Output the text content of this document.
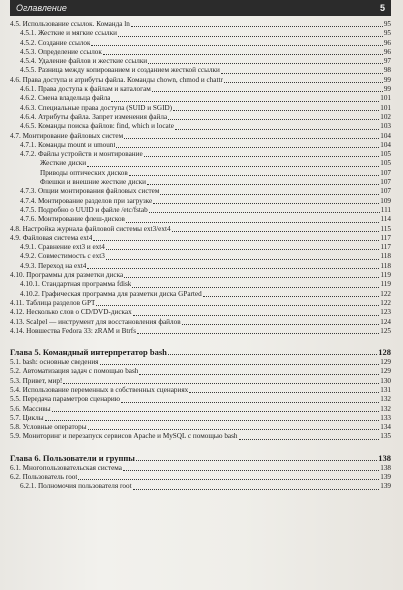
Оглавление	5
4.5. Использование ссылок. Команда ln	95
4.5.1. Жесткие и мягкие ссылки	95
4.5.2. Создание ссылок	96
4.5.3. Определение ссылок	96
4.5.4. Удаление файлов и жесткие ссылки	97
4.5.5. Разница между копированием и созданием жесткой ссылки	98
4.6. Права доступа и атрибуты файла. Команды chown, chmod и chattr	99
4.6.1. Права доступа к файлам и каталогам	99
4.6.2. Смена владельца файла	101
4.6.3. Специальные права доступа (SUID и SGID)	101
4.6.4. Атрибуты файла. Запрет изменения файла	102
4.6.5. Команды поиска файлов: find, which и locate	103
4.7. Монтирование файловых систем	104
4.7.1. Команды mount и umount	104
4.7.2. Файлы устройств и монтирование	105
Жесткие диски	105
Приводы оптических дисков	107
Флешки и внешние жесткие диски	107
4.7.3. Опции монтирования файловых систем	107
4.7.4. Монтирование разделов при загрузке	109
4.7.5. Подробно о UUID и файле /etc/fstab	111
4.7.6. Монтирование флеш-дисков	114
4.8. Настройка журнала файловой системы ext3/ext4	115
4.9. Файловая система ext4	117
4.9.1. Сравнение ext3 и ext4	117
4.9.2. Совместимость с ext3	118
4.9.3. Переход на ext4	118
4.10. Программы для разметки диска	119
4.10.1. Стандартная программа fdisk	119
4.10.2. Графическая программа для разметки диска GParted	122
4.11. Таблица разделов GPT	122
4.12. Несколько слов о CD/DVD-дисках	123
4.13. Scalpel — инструмент для восстановления файлов	124
4.14. Новшества Fedora 33: zRAM и Btrfs	125
Глава 5. Командный интерпретатор bash	128
5.1. bash: основные сведения	129
5.2. Автоматизация задач с помощью bash	129
5.3. Привет, мир!	130
5.4. Использование переменных в собственных сценариях	131
5.5. Передача параметров сценарию	132
5.6. Массивы	132
5.7. Циклы	133
5.8. Условные операторы	134
5.9. Мониторинг и перезапуск сервисов Apache и MySQL с помощью bash	135
Глава 6. Пользователи и группы	138
6.1. Многопользовательская система	138
6.2. Пользователь root	139
6.2.1. Полномочия пользователя root	139
